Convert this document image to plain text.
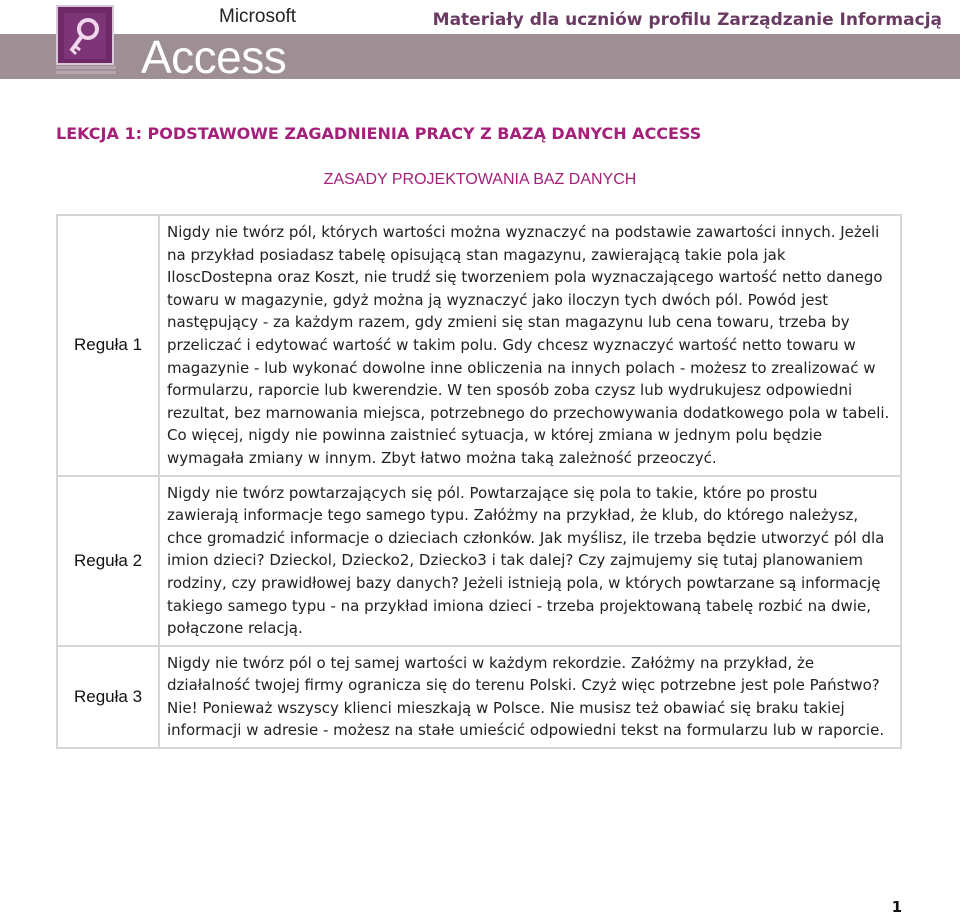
Microsoft
Access
Materiały dla uczniów profilu Zarządzanie Informacją
LEKCJA 1: PODSTAWOWE ZAGADNIENIA PRACY Z BAZĄ DANYCH ACCESS
ZASADY PROJEKTOWANIA BAZ DANYCH
Reguła 1	Nigdy nie twórz pól, których wartości można wyznaczyć na podstawie zawartości innych. Jeżeli na przykład posiadasz tabelę opisującą stan magazynu, zawierającą takie pola jak IloscDostepna oraz Koszt, nie trudź się tworzeniem pola wyznaczającego wartość netto danego towaru w magazynie, gdyż można ją wyznaczyć jako iloczyn tych dwóch pól. Powód jest następujący - za każdym razem, gdy zmieni się stan magazynu lub cena towaru, trzeba by przeliczać i edytować wartość w takim polu. Gdy chcesz wyznaczyć wartość netto towaru w magazynie - lub wykonać dowolne inne obliczenia na innych polach - możesz to zrealizować w formularzu, raporcie lub kwerendzie. W ten sposób zoba czysz lub wydrukujesz odpowiedni rezultat, bez marnowania miejsca, potrzebnego do przechowywania dodatkowego pola w tabeli. Co więcej, nigdy nie powinna zaistnieć sytuacja, w której zmiana w jednym polu będzie wymagała zmiany w innym. Zbyt łatwo można taką zależność przeoczyć.
Reguła 2	Nigdy nie twórz powtarzających się pól. Powtarzające się pola to takie, które po prostu zawierają informacje tego samego typu. Załóżmy na przykład, że klub, do którego należysz, chce gromadzić informacje o dzieciach członków. Jak myślisz, ile trzeba będzie utworzyć pól dla imion dzieci? Dzieckol, Dziecko2, Dziecko3 i tak dalej? Czy zajmujemy się tutaj planowaniem rodziny, czy prawidłowej bazy danych? Jeżeli istnieją pola, w których powtarzane są informację takiego samego typu - na przykład imiona dzieci - trzeba projektowaną tabelę rozbić na dwie, połączone relacją.
Reguła 3	Nigdy nie twórz pól o tej samej wartości w każdym rekordzie. Załóżmy na przykład, że działalność twojej firmy ogranicza się do terenu Polski. Czyż więc potrzebne jest pole Państwo? Nie! Ponieważ wszyscy klienci mieszkają w Polsce. Nie musisz też obawiać się braku takiej informacji w adresie - możesz na stałe umieścić odpowiedni tekst na formularzu lub w raporcie.
1
